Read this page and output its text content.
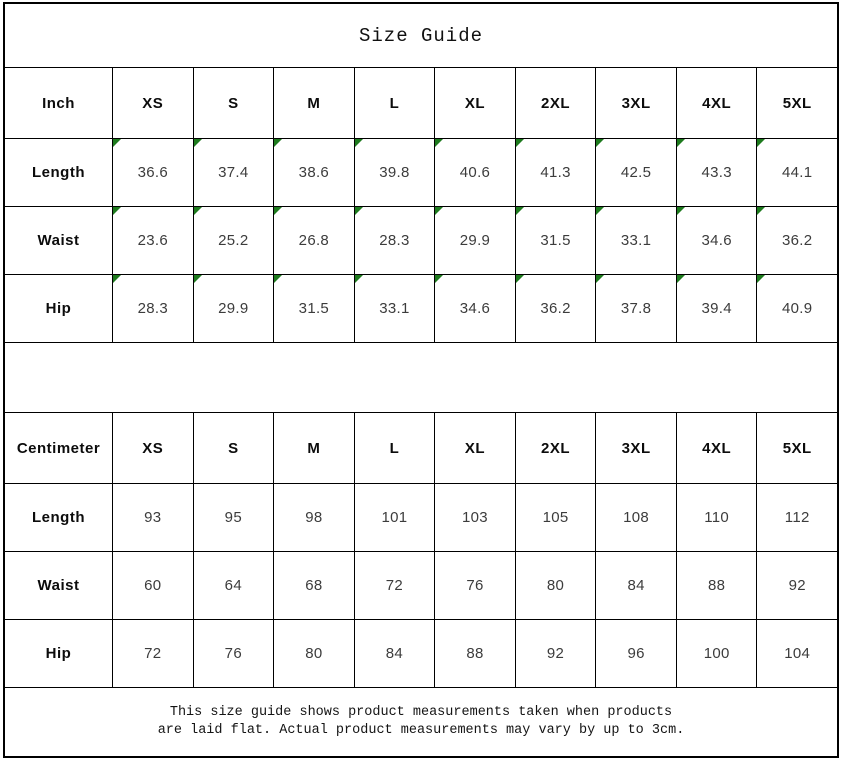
Size Guide
Inch	XS	S	M	L	XL	2XL	3XL	4XL	5XL
Length	36.6	37.4	38.6	39.8	40.6	41.3	42.5	43.3	44.1
Waist	23.6	25.2	26.8	28.3	29.9	31.5	33.1	34.6	36.2
Hip	28.3	29.9	31.5	33.1	34.6	36.2	37.8	39.4	40.9
Centimeter	XS	S	M	L	XL	2XL	3XL	4XL	5XL
Length	93	95	98	101	103	105	108	110	112
Waist	60	64	68	72	76	80	84	88	92
Hip	72	76	80	84	88	92	96	100	104
This size guide shows product measurements taken when products
are laid flat. Actual product measurements may vary by up to 3cm.
